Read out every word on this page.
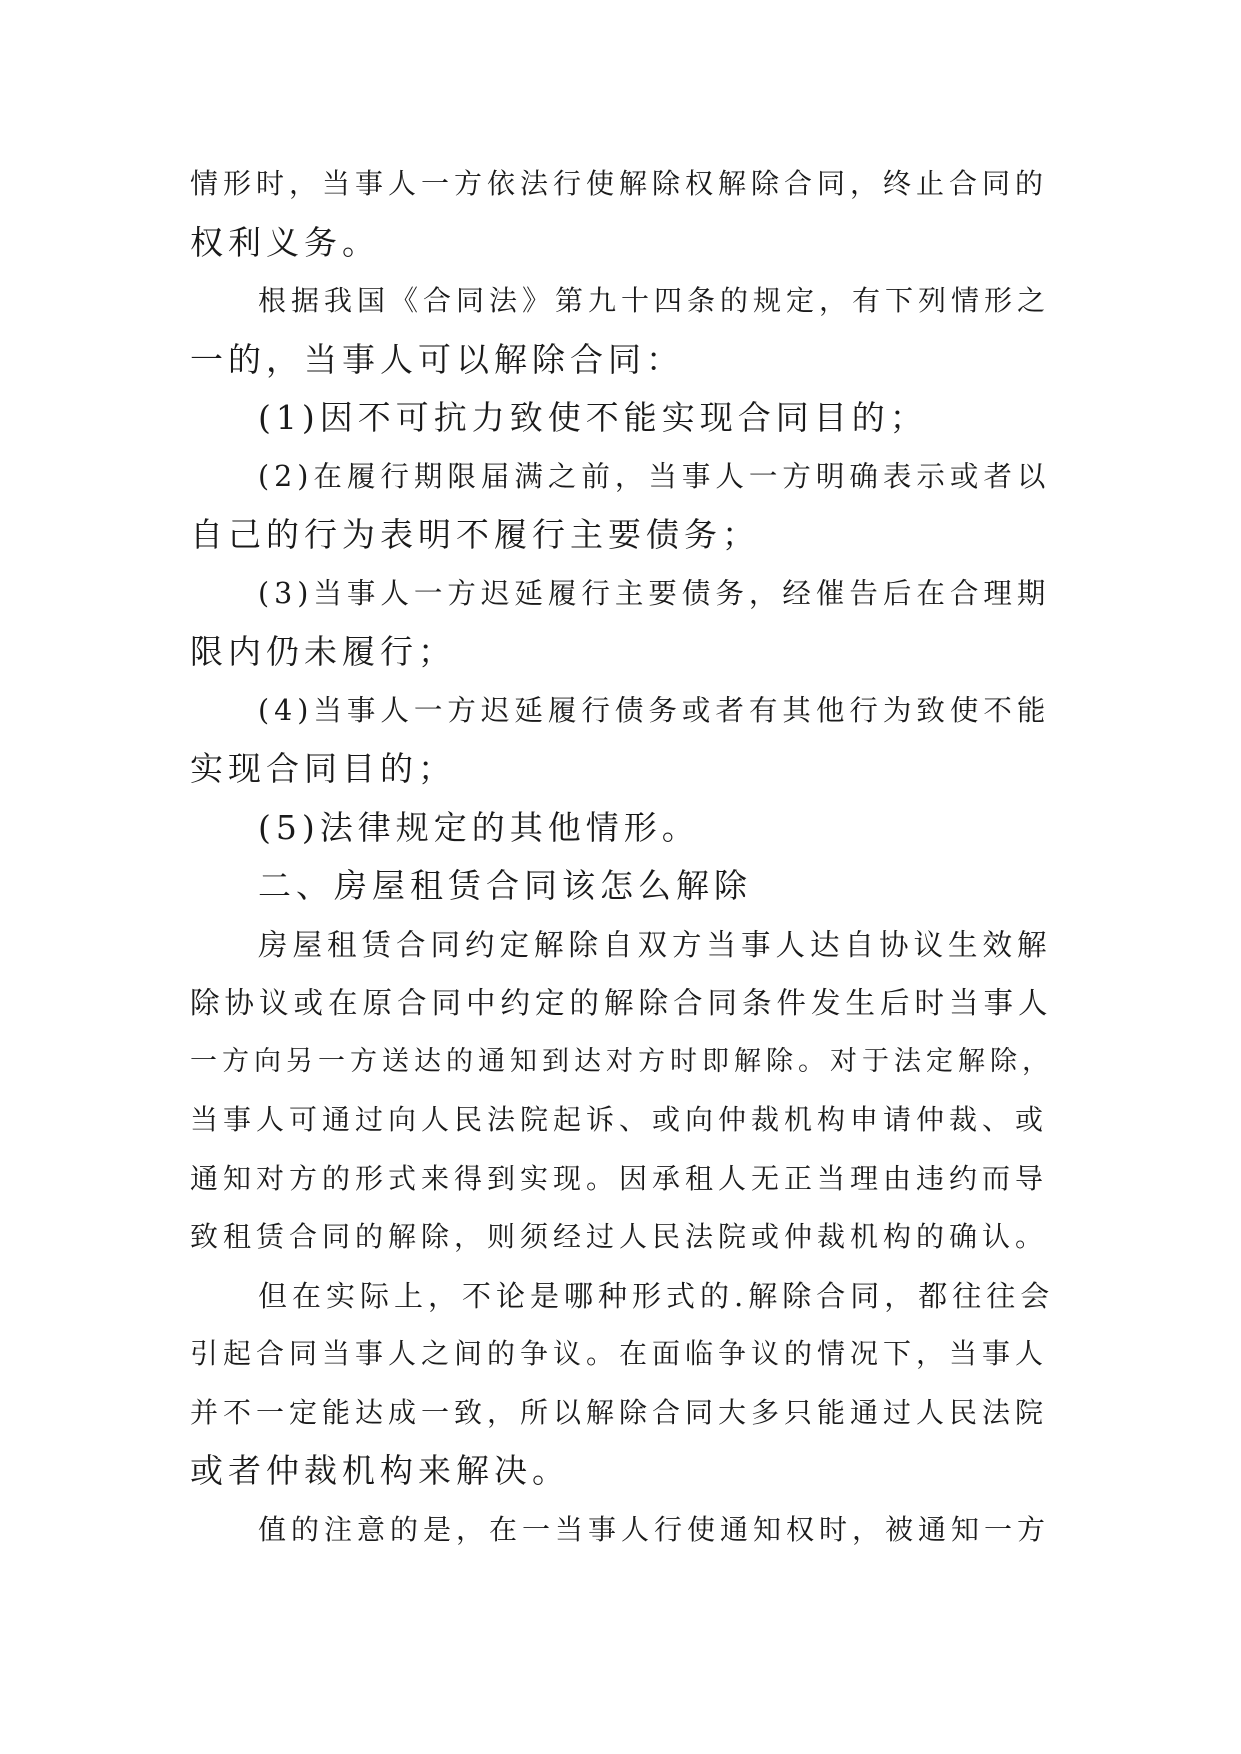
情形时，当事人一方依法行使解除权解除合同，终止合同的
权利义务。
根据我国《合同法》第九十四条的规定，有下列情形之
一的，当事人可以解除合同：
(1)因不可抗力致使不能实现合同目的；
(2)在履行期限届满之前，当事人一方明确表示或者以
自己的行为表明不履行主要债务；
(3)当事人一方迟延履行主要债务，经催告后在合理期
限内仍未履行；
(4)当事人一方迟延履行债务或者有其他行为致使不能
实现合同目的；
(5)法律规定的其他情形。
二、房屋租赁合同该怎么解除
房屋租赁合同约定解除自双方当事人达自协议生效解
除协议或在原合同中约定的解除合同条件发生后时当事人
一方向另一方送达的通知到达对方时即解除。对于法定解除，
当事人可通过向人民法院起诉、或向仲裁机构申请仲裁、或
通知对方的形式来得到实现。因承租人无正当理由违约而导
致租赁合同的解除，则须经过人民法院或仲裁机构的确认。
但在实际上，不论是哪种形式的.解除合同，都往往会
引起合同当事人之间的争议。在面临争议的情况下，当事人
并不一定能达成一致，所以解除合同大多只能通过人民法院
或者仲裁机构来解决。
值的注意的是，在一当事人行使通知权时，被通知一方
